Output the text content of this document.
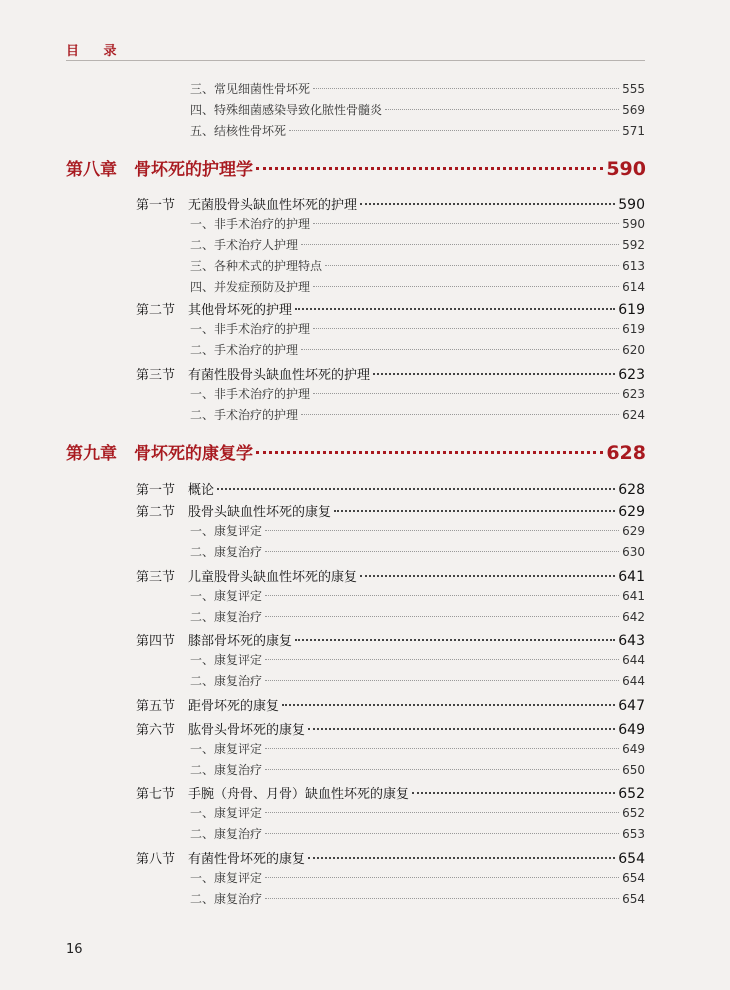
目 录
三、常见细菌性骨坏死	555
四、特殊细菌感染导致化脓性骨髓炎	569
五、结核性骨坏死	571
第八章	骨坏死的护理学	590
第一节 无菌股骨头缺血性坏死的护理	590
一、非手术治疗的护理	590
二、手术治疗人护理	592
三、各种术式的护理特点	613
四、并发症预防及护理	614
第二节 其他骨坏死的护理	619
一、非手术治疗的护理	619
二、手术治疗的护理	620
第三节 有菌性股骨头缺血性坏死的护理	623
一、非手术治疗的护理	623
二、手术治疗的护理	624
第九章	骨坏死的康复学	628
第一节 概论	628
第二节 股骨头缺血性坏死的康复	629
一、康复评定	629
二、康复治疗	630
第三节 儿童股骨头缺血性坏死的康复	641
一、康复评定	641
二、康复治疗	642
第四节 膝部骨坏死的康复	643
一、康复评定	644
二、康复治疗	644
第五节 距骨坏死的康复	647
第六节 肱骨头骨坏死的康复	649
一、康复评定	649
二、康复治疗	650
第七节 手腕（舟骨、月骨）缺血性坏死的康复	652
一、康复评定	652
二、康复治疗	653
第八节 有菌性骨坏死的康复	654
一、康复评定	654
二、康复治疗	654
16
